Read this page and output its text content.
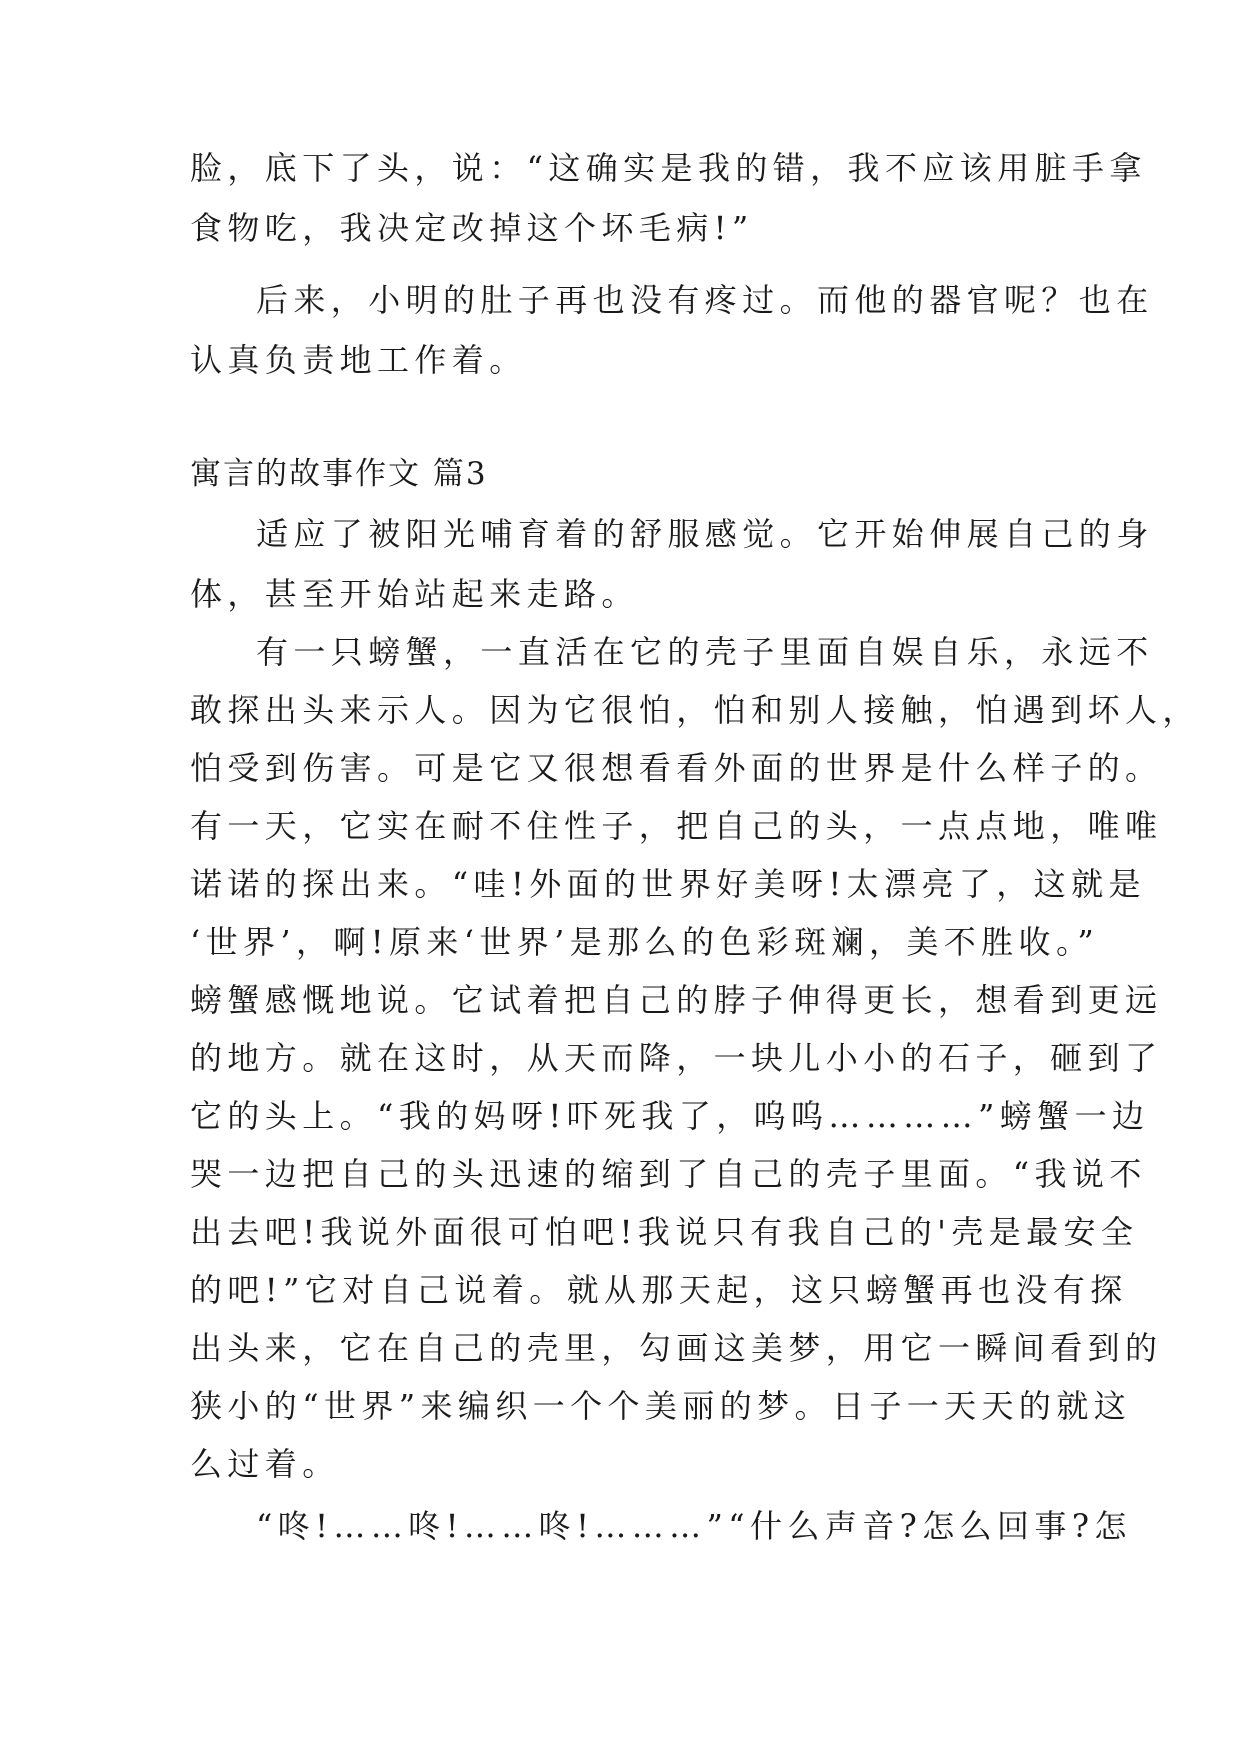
脸，底下了头，说：“这确实是我的错，我不应该用脏手拿
食物吃，我决定改掉这个坏毛病!”
后来，小明的肚子再也没有疼过。而他的器官呢？也在
认真负责地工作着。
寓言的故事作文 篇3
适应了被阳光哺育着的舒服感觉。它开始伸展自己的身
体，甚至开始站起来走路。
有一只螃蟹，一直活在它的壳子里面自娱自乐，永远不
敢探出头来示人。因为它很怕，怕和别人接触，怕遇到坏人，
怕受到伤害。可是它又很想看看外面的世界是什么样子的。
有一天，它实在耐不住性子，把自己的头，一点点地，唯唯
诺诺的探出来。“哇!外面的世界好美呀!太漂亮了，这就是
‘世界’，啊!原来‘世界’是那么的色彩斑斓，美不胜收。”
螃蟹感慨地说。它试着把自己的脖子伸得更长，想看到更远
的地方。就在这时，从天而降，一块儿小小的石子，砸到了
它的头上。“我的妈呀!吓死我了，呜呜…………”螃蟹一边
哭一边把自己的头迅速的缩到了自己的壳子里面。“我说不
出去吧!我说外面很可怕吧!我说只有我自己的'壳是最安全
的吧!”它对自己说着。就从那天起，这只螃蟹再也没有探
出头来，它在自己的壳里，勾画这美梦，用它一瞬间看到的
狭小的“世界”来编织一个个美丽的梦。日子一天天的就这
么过着。
“咚!……咚!……咚!………”“什么声音?怎么回事?怎
